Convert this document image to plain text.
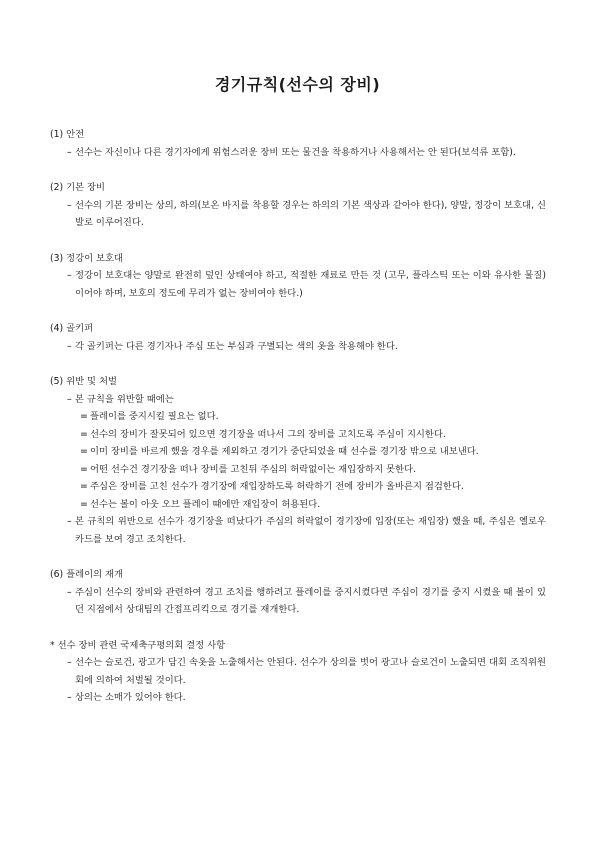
경기규칙(선수의 장비)
(1) 안전
– 선수는 자신이나 다른 경기자에게 위험스러운 장비 또는 물건을 착용하거나 사용해서는 안 된다(보석류 포함).
(2) 기본 장비
– 선수의 기본 장비는 상의, 하의(보온 바지를 착용할 경우는 하의의 기본 색상과 같아야 한다), 양말, 정강이 보호대, 신발로 이루어진다.
(3) 정강이 보호대
– 정강이 보호대는 양말로 완전히 덮인 상태여야 하고, 적절한 재료로 만든 것 (고무, 플라스틱 또는 이와 유사한 물질)이어야 하며, 보호의 정도에 무리가 없는 장비여야 한다.)
(4) 골키퍼
– 각 골키퍼는 다른 경기자나 주심 또는 부심과 구별되는 색의 옷을 착용해야 한다.
(5) 위반 및 처벌
– 본 규칙을 위반할 때에는
= 플레이를 중지시킬 필요는 없다.
= 선수의 장비가 잘못되어 있으면 경기장을 떠나서 그의 장비를 고치도록 주심이 지시한다.
= 이미 장비를 바르게 했을 경우를 제외하고 경기가 중단되었을 때 선수를 경기장 밖으로 내보낸다.
= 어떤 선수건 경기장을 떠나 장비를 고친뒤 주심의 허락없이는 재입장하지 못한다.
= 주심은 장비를 고친 선수가 경기장에 재입장하도록 허락하기 전에 장비가 올바른지 점검한다.
= 선수는 볼이 아웃 오브 플레이 때에만 재입장이 허용된다.
– 본 규칙의 위반으로 선수가 경기장을 떠났다가 주심의 허락없이 경기장에 입장(또는 재입장) 했을 때, 주심은 옐로우 카드를 보여 경고 조치한다.
(6) 플레이의 재개
– 주심이 선수의 장비와 관련하여 경고 조치를 행하려고 플레이를 중지시켰다면 주심이 경기를 중지 시켰을 때 볼이 있던 지점에서 상대팀의 간접프리킥으로 경기를 재개한다.
* 선수 장비 관련 국제축구평의회 결정 사항
– 선수는 슬로건, 광고가 담긴 속옷을 노출해서는 안된다. 선수가 상의를 벗어 광고나 슬로건이 노출되면 대회 조직위원회에 의하여 처벌될 것이다.
– 상의는 소매가 있어야 한다.
